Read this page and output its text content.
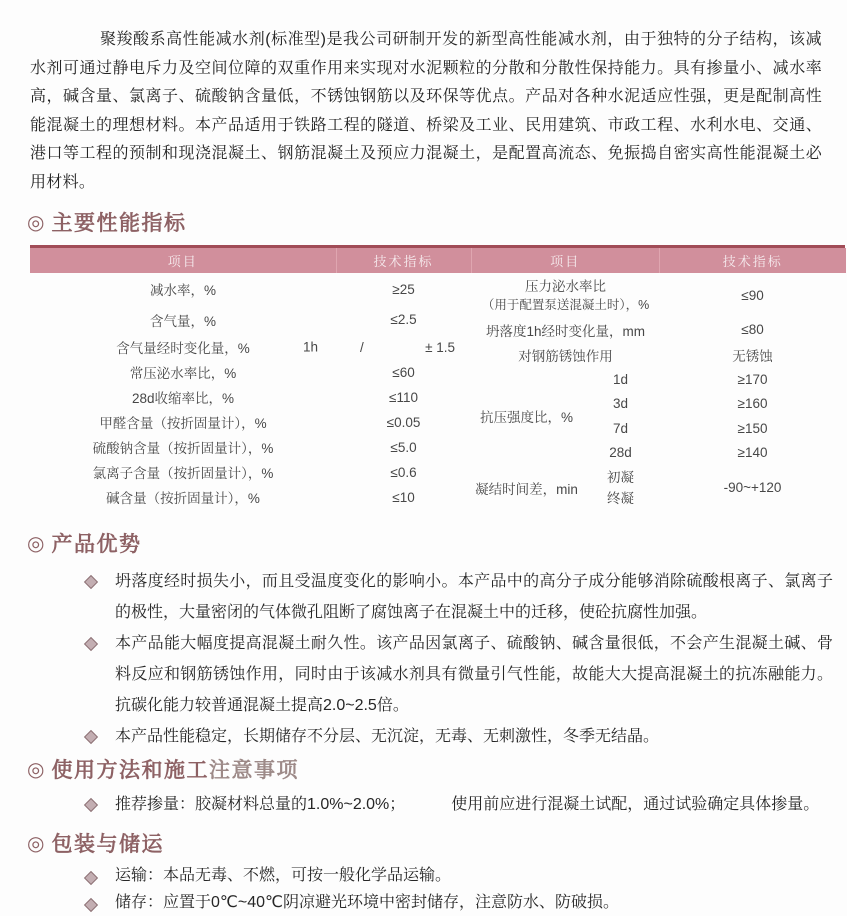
聚羧酸系高性能减水剂(标准型)是我公司研制开发的新型高性能减水剂，由于独特的分子结构，该减水剂可通过静电斥力及空间位障的双重作用来实现对水泥颗粒的分散和分散性保持能力。具有掺量小、减水率高，碱含量、氯离子、硫酸钠含量低，不锈蚀钢筋以及环保等优点。产品对各种水泥适应性强，更是配制高性能混凝土的理想材料。本产品适用于铁路工程的隧道、桥梁及工业、民用建筑、市政工程、水利水电、交通、港口等工程的预制和现浇混凝土、钢筋混凝土及预应力混凝土，是配置高流态、免振捣自密实高性能混凝土必用材料。

◎ 主要性能指标
项目	技术指标
减水率，%	≥25
含气量，%	≤2.5
含气量经时变化量，% 1h	/ ± 1.5

常压泌水率比，%	≤60
28d收缩率比，%	≤110
甲醛含量（按折固量计），%	≤0.05
硫酸钠含量（按折固量计），%	≤5.0
氯离子含量（按折固量计），%	≤0.6
碱含量（按折固量计），%	≤10
项目		技术指标

压力泌水率比
（用于配置泵送混凝土时），%		≤90
坍落度1h经时变化量，mm		≤80
对钢筋锈蚀作用		无锈蚀
抗压强度比，%	1d	≥170
	3d	≥160
	7d	≥150
	28d	≥140
凝结时间差，min	初凝
终凝	-90~+120
◎ 产品优势
坍落度经时损失小，而且受温度变化的影响小。本产品中的高分子成分能够消除硫酸根离子、氯离子的极性，大量密闭的气体微孔阻断了腐蚀离子在混凝土中的迁移，使砼抗腐性加强。
本产品能大幅度提高混凝土耐久性。该产品因氯离子、硫酸钠、碱含量很低，不会产生混凝土碱、骨料反应和钢筋锈蚀作用，同时由于该减水剂具有微量引气性能，故能大大提高混凝土的抗冻融能力。抗碳化能力较普通混凝土提高2.0~2.5倍。
本产品性能稳定，长期储存不分层、无沉淀，无毒、无刺激性，冬季无结晶。
◎ 使用方法和施工 注意事项
推荐掺量：胶凝材料总量的1.0%~2.0%；	使用前应进行混凝土试配，通过试验确定具体掺量。
◎ 包装与储运
运输：本品无毒、不燃，可按一般化学品运输。
储存：应置于0℃~40℃阴凉避光环境中密封储存，注意防水、防破损。
